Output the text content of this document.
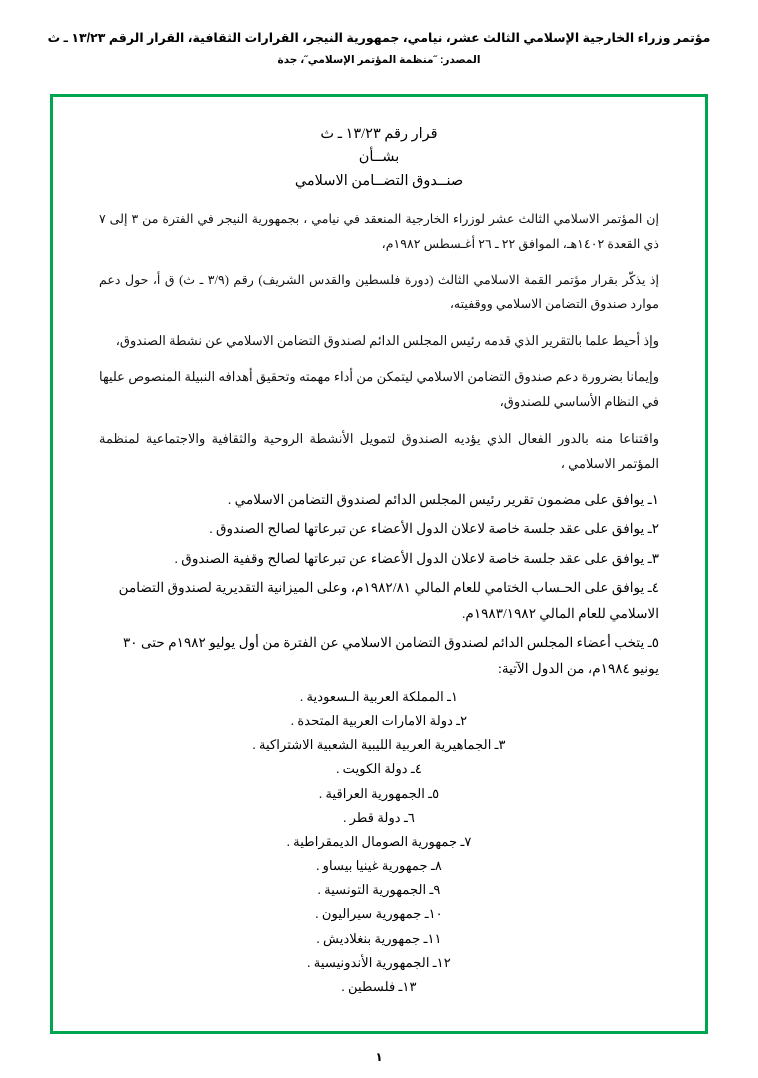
مؤتمر وزراء الخارجية الإسلامي الثالث عشر، نيامي، جمهورية النيجر، القرارات الثقافية، القرار الرقم ١٣/٢٣ ـ ث
المصدر: ˝منظمة المؤتمر الإسلامي˝، جدة
قرار رقم ١٣/٢٣ ـ ث
بشــأن
صنــدوق التضــامن الاسلامي

إن المؤتمر الاسلامي الثالث عشر لوزراء الخارجية المنعقد في نيامي ، بجمهورية النيجر في الفترة من ٣ إلى ٧ ذي القعدة ١٤٠٢هـ، الموافق ٢٢ ـ ٢٦ أغـسطس ١٩٨٢م،

إذ يذكّر بقرار مؤتمر القمة الاسلامي الثالث (دورة فلسطين والقدس الشريف) رقم (٣/٩ ـ ث) ق أ، حول دعم موارد صندوق التضامن الاسلامي ووقفيته،

وإذ أحيط علما بالتقرير الذي قدمه رئيس المجلس الدائم لصندوق التضامن الاسلامي عن نشطة الصندوق،

وإيمانا بضرورة دعم صندوق التضامن الاسلامي ليتمكن من أداء مهمته وتحقيق أهدافه النبيلة المنصوص عليها في النظام الأساسي للصندوق،

واقتناعا منه بالدور الفعال الذي يؤديه الصندوق لتمويل الأنشطة الروحية والثقافية والاجتماعية لمنظمة المؤتمر الاسلامي ،

١ـ يوافق على مضمون تقرير رئيس المجلس الدائم لصندوق التضامن الاسلامي .
٢ـ يوافق على عقد جلسة خاصة لاعلان الدول الأعضاء عن تبرعاتها لصالح الصندوق .
٣ـ يوافق على عقد جلسة خاصة لاعلان الدول الأعضاء عن تبرعاتها لصالح وقفية الصندوق .
٤ـ يوافق على الحـساب الختامي للعام المالي ١٩٨٢/٨١م، وعلى الميزانية التقديرية لصندوق التضامن الاسلامي للعام المالي ١٩٨٣/١٩٨٢م.
٥ـ يتخب أعضاء المجلس الدائم لصندوق التضامن الاسلامي عن الفترة من أول يوليو ١٩٨٢م حتى ٣٠ يونيو ١٩٨٤م، من الدول الآتية:
١ـ المملكة العربية الـسعودية .
٢ـ دولة الامارات العربية المتحدة .
٣ـ الجماهيرية العربية الليبية الشعبية الاشتراكية .
٤ـ دولة الكويت .
٥ـ الجمهورية العراقية .
٦ـ دولة قطر .
٧ـ جمهورية الصومال الديمقراطية .
٨ـ جمهورية غينيا بيساو .
٩ـ الجمهورية التونسية .
١٠ـ جمهورية سيراليون .
١١ـ جمهورية بنغلاديش .
١٢ـ الجمهورية الأندونيسية .
١٣ـ فلسطين .
١
